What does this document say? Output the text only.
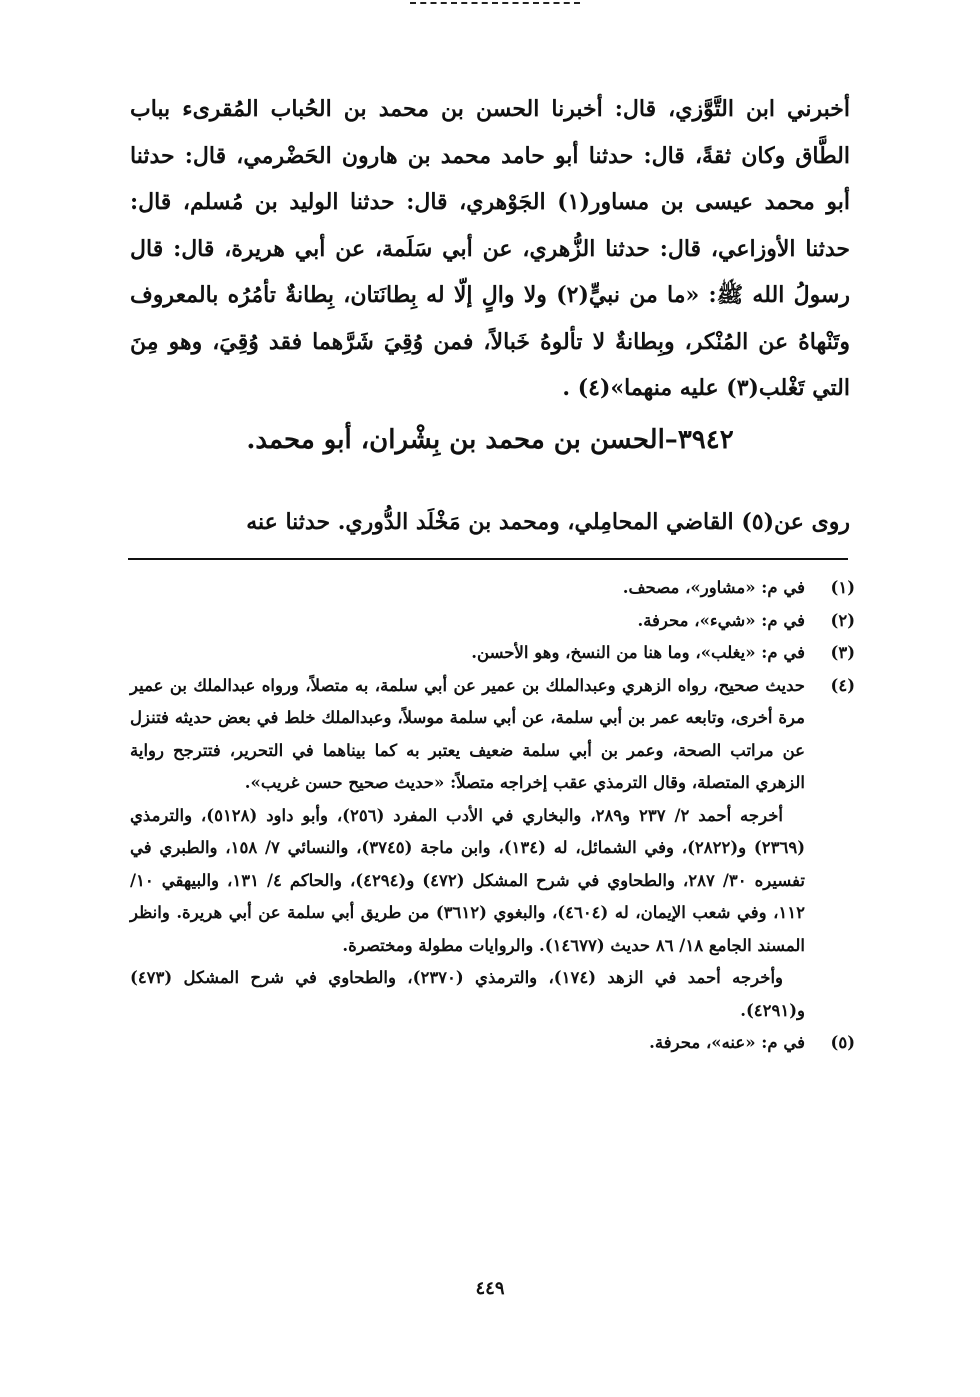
أخبرني ابن التَّوَّزي، قال: أخبرنا الحسن بن محمد بن الحُباب المُقرىء بباب الطَّاق وكان ثقةً، قال: حدثنا أبو حامد محمد بن هارون الحَضْرمي، قال: حدثنا أبو محمد عيسى بن مساور(١) الجَوْهري، قال: حدثنا الوليد بن مُسلم، قال: حدثنا الأوزاعي، قال: حدثنا الزُّهري، عن أبي سَلَمة، عن أبي هريرة، قال: قال رسولُ الله ﷺ: «ما من نبيٍّ(٢) ولا والٍ إلّا له بِطانَتان، بِطانةٌ تأمُرُه بالمعروف وتَنْهاهُ عن المُنْكر، وبِطانةٌ لا تألوهُ خَبالاً، فمن وُقِيَ شَرَّهما فقد وُقِيَ، وهو مِنَ التي تَغْلب(٣) عليه منهما»(٤) .

٣٩٤٢–الحسن بن محمد بن بِشْران، أبو محمد.
روى عن(٥) القاضي المحامِلي، ومحمد بن مَخْلَد الدُّوري. حدثنا عنه
(١)
في م: «مشاور»، مصحف.
(٢)
في م: «شيء»، محرفة.
(٣)
في م: «يغلب»، وما هنا من النسخ، وهو الأحسن.
(٤)
حديث صحيح، رواه الزهري وعبدالملك بن عمير عن أبي سلمة، به متصلاً، ورواه عبدالملك بن عمير مرة أخرى، وتابعه عمر بن أبي سلمة، عن أبي سلمة موسلاً، وعبدالملك خلط في بعض حديثه فتنزل عن مراتب الصحة، وعمر بن أبي سلمة ضعيف يعتبر به كما بيناهما في التحرير، فتترجح رواية الزهري المتصلة، وقال الترمذي عقب إخراجه متصلاً: «حديث صحيح حسن غريب».
أخرجه أحمد ٢/ ٢٣٧ و٢٨٩، والبخاري في الأدب المفرد (٢٥٦)، وأبو داود (٥١٢٨)، والترمذي (٢٣٦٩) و(٢٨٢٢)، وفي الشمائل، له (١٣٤)، وابن ماجة (٣٧٤٥)، والنسائي ٧/ ١٥٨، والطبري في تفسيره ٣٠/ ٢٨٧، والطحاوي في شرح المشكل (٤٧٢) و(٤٢٩٤)، والحاكم ٤/ ١٣١، والبيهقي ١٠/ ١١٢، وفي شعب الإيمان، له (٤٦٠٤)، والبغوي (٣٦١٢) من طريق أبي سلمة عن أبي هريرة. وانظر المسند الجامع ١٨/ ٨٦ حديث (١٤٦٧٧). والروايات مطولة ومختصرة.
وأخرجه أحمد في الزهد (١٧٤)، والترمذي (٢٣٧٠)، والطحاوي في شرح المشكل (٤٧٣) و(٤٢٩١).
(٥)
في م: «عنه»، محرفة.
٤٤٩
